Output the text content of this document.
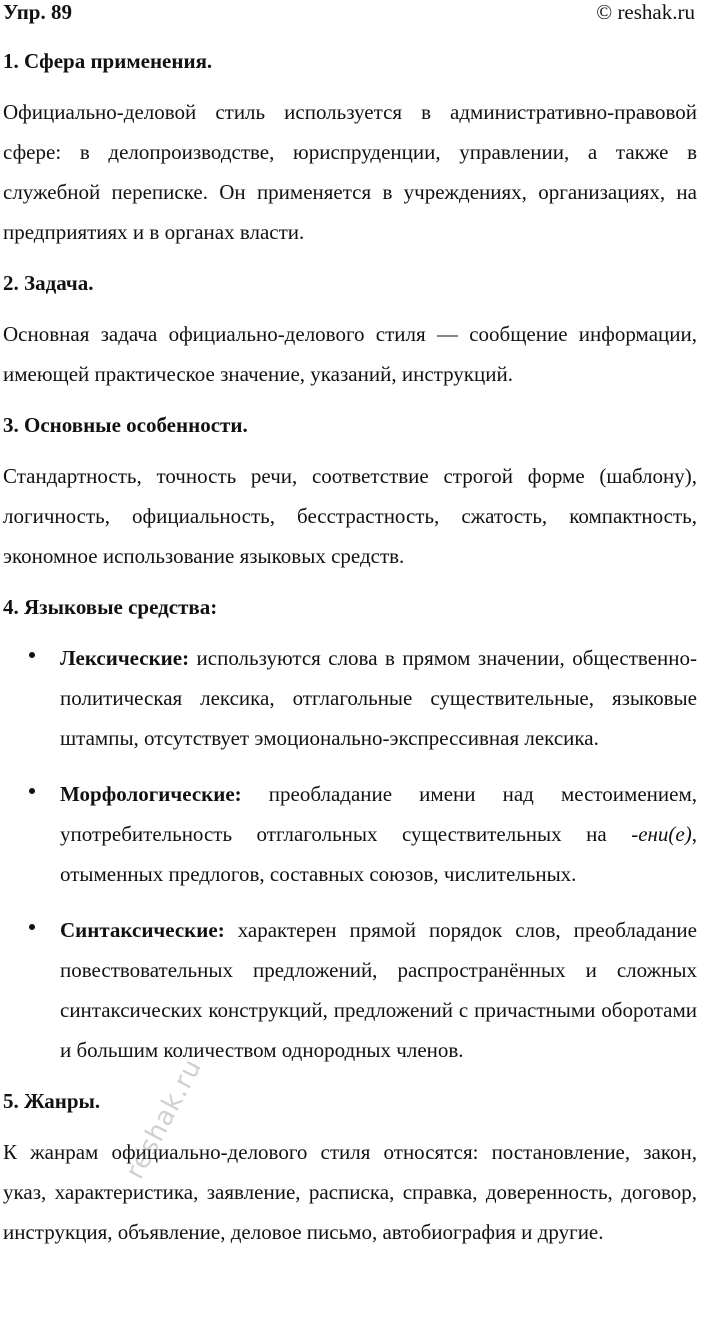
Упр. 89	© reshak.ru
1. Сфера применения.

Официально-деловой стиль используется в административно-правовой сфере: в делопроизводстве, юриспруденции, управлении, а также в служебной переписке. Он применяется в учреждениях, организациях, на предприятиях и в органах власти.

2. Задача.

Основная задача официально-делового стиля — сообщение информации, имеющей практическое значение, указаний, инструкций.

3. Основные особенности.

Стандартность, точность речи, соответствие строгой форме (шаблону), логичность, официальность, бесстрастность, сжатость, компактность, экономное использование языковых средств.

4. Языковые средства:

Лексические: используются слова в прямом значении, общественно-политическая лексика, отглагольные существительные, языковые штампы, отсутствует эмоционально-экспрессивная лексика.

Морфологические: преобладание имени над местоимением, употребительность отглагольных существительных на -ени(е), отыменных предлогов, составных союзов, числительных.

Синтаксические: характерен прямой порядок слов, преобладание повествовательных предложений, распространённых и сложных синтаксических конструкций, предложений с причастными оборотами и большим количеством однородных членов.

5. Жанры.

К жанрам официально-делового стиля относятся: постановление, закон, указ, характеристика, заявление, расписка, справка, доверенность, договор, инструкция, объявление, деловое письмо, автобиография и другие.

reshak.ru
